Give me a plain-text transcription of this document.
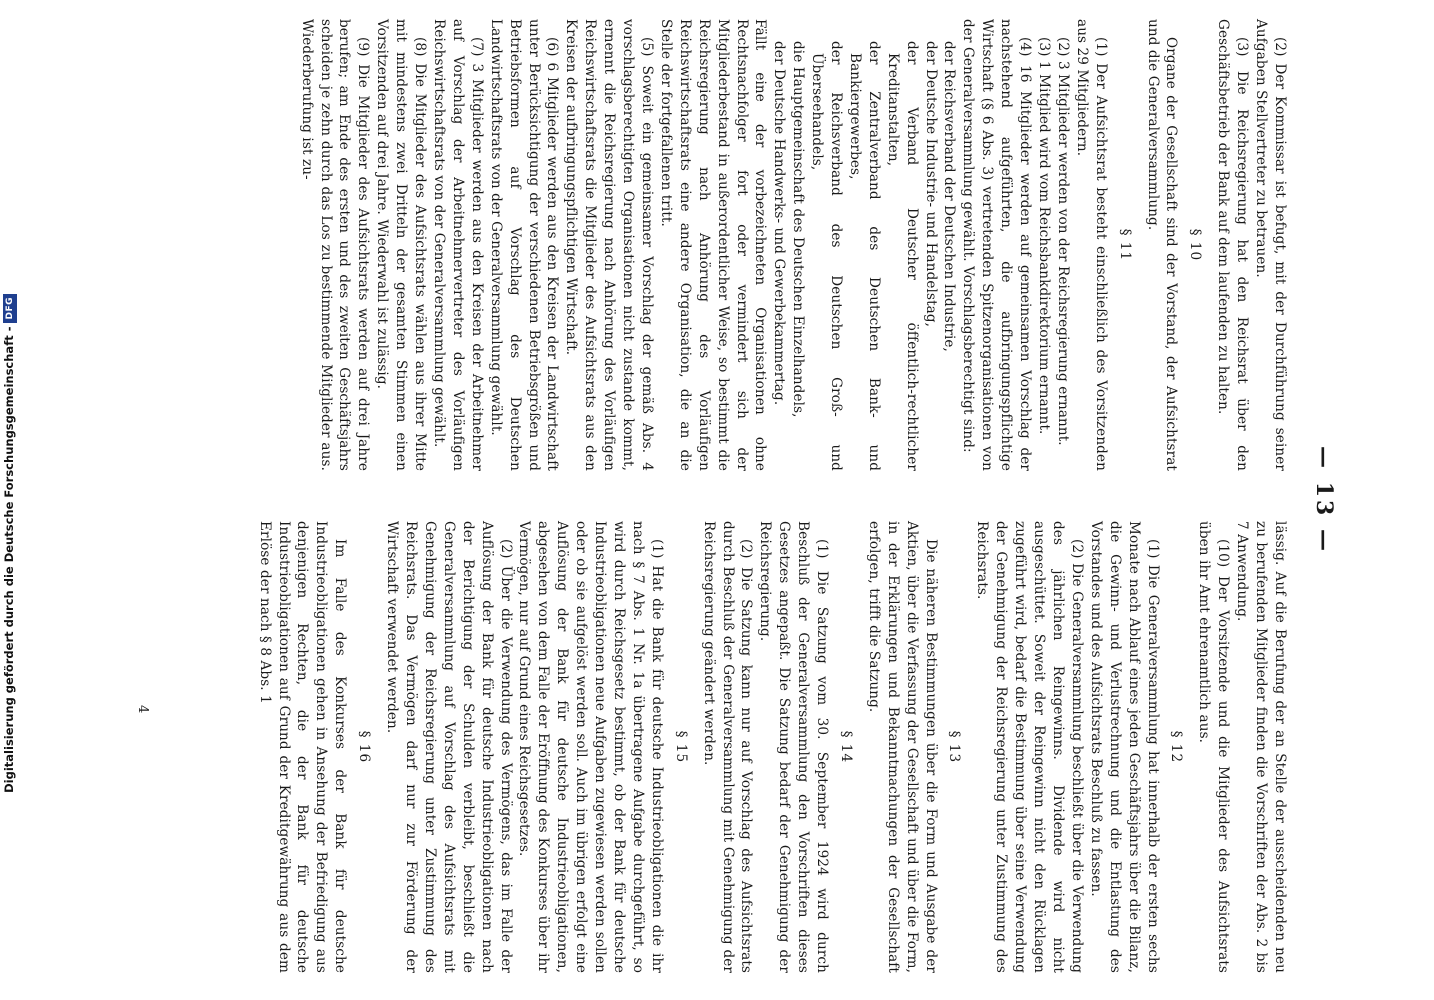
— 13 —

(2) Der Kommissar ist befugt, mit der Durchführung seiner Aufgaben Stellvertreter zu betrauen.

(3) Die Reichsregierung hat den Reichsrat über den Geschäftsbetrieb der Bank auf dem laufenden zu halten.

§ 10

Organe der Gesellschaft sind der Vorstand, der Aufsichtsrat und die Generalversammlung.

§ 11

(1) Der Aufsichtsrat besteht einschließlich des Vorsitzenden aus 29 Mitgliedern.

(2) 3 Mitglieder werden von der Reichsregierung ernannt.

(3) 1 Mitglied wird vom Reichsbankdirektorium ernannt.

(4) 16 Mitglieder werden auf gemeinsamen Vorschlag der nachstehend aufgeführten, die aufbringungspflichtige Wirtschaft (§ 6 Abs. 3) vertretenden Spitzenorganisationen von der Generalversammlung gewählt. Vorschlagsberechtigt sind:

der Reichsverband der Deutschen Industrie,
der Deutsche Industrie- und Handelstag,
der Verband Deutscher öffentlich-rechtlicher Kreditanstalten,
der Zentralverband des Deutschen Bank- und Bankiergewerbes,
der Reichsverband des Deutschen Groß- und Überseehandels,
die Hauptgemeinschaft des Deutschen Einzelhandels,
der Deutsche Handwerks- und Gewerbekammertag.

Fällt eine der vorbezeichneten Organisationen ohne Rechtsnachfolger fort oder vermindert sich der Mitgliederbestand in außerordentlicher Weise, so bestimmt die Reichsregierung nach Anhörung des Vorläufigen Reichswirtschaftsrats eine andere Organisation, die an die Stelle der fortgefallenen tritt.

(5) Soweit ein gemeinsamer Vorschlag der gemäß Abs. 4 vorschlagsberechtigten Organisationen nicht zustande kommt, ernennt die Reichsregierung nach Anhörung des Vorläufigen Reichswirtschaftsrats die Mitglieder des Aufsichtsrats aus den Kreisen der aufbringungspflichtigen Wirtschaft.

(6) 6 Mitglieder werden aus den Kreisen der Landwirtschaft unter Berücksichtigung der verschiedenen Betriebsgrößen und Betriebsformen auf Vorschlag des Deutschen Landwirtschaftsrats von der Generalversammlung gewählt.

(7) 3 Mitglieder werden aus den Kreisen der Arbeitnehmer auf Vorschlag der Arbeitnehmervertreter des Vorläufigen Reichswirtschaftsrats von der Generalversammlung gewählt.

(8) Die Mitglieder des Aufsichtsrats wählen aus ihrer Mitte mit mindestens zwei Dritteln der gesamten Stimmen einen Vorsitzenden auf drei Jahre. Wiederwahl ist zulässig.

(9) Die Mitglieder des Aufsichtsrats werden auf drei Jahre berufen; am Ende des ersten und des zweiten Geschäftsjahrs scheiden je zehn durch das Los zu bestimmende Mitglieder aus. Wiederberufung ist zu-

lässig. Auf die Berufung der an Stelle der ausscheidenden neu zu berufenden Mitglieder finden die Vorschriften der Abs. 2 bis 7 Anwendung.

(10) Der Vorsitzende und die Mitglieder des Aufsichtsrats üben ihr Amt ehrenamtlich aus.

§ 12

(1) Die Generalversammlung hat innerhalb der ersten sechs Monate nach Ablauf eines jeden Geschäftsjahrs über die Bilanz, die Gewinn- und Verlustrechnung und die Entlastung des Vorstandes und des Aufsichtsrats Beschluß zu fassen.

(2) Die Generalversammlung beschließt über die Verwendung des jährlichen Reingewinns. Dividende wird nicht ausgeschüttet. Soweit der Reingewinn nicht den Rücklagen zugeführt wird, bedarf die Bestimmung über seine Verwendung der Genehmigung der Reichsregierung unter Zustimmung des Reichsrats.

§ 13

Die näheren Bestimmungen über die Form und Ausgabe der Aktien, über die Verfassung der Gesellschaft und über die Form, in der Erklärungen und Bekanntmachungen der Gesellschaft erfolgen, trifft die Satzung.

§ 14

(1) Die Satzung vom 30. September 1924 wird durch Beschluß der Generalversammlung den Vorschriften dieses Gesetzes angepaßt. Die Satzung bedarf der Genehmigung der Reichsregierung.

(2) Die Satzung kann nur auf Vorschlag des Aufsichtsrats durch Beschluß der Generalversammlung mit Genehmigung der Reichsregierung geändert werden.

§ 15

(1) Hat die Bank für deutsche Industrieobligationen die ihr nach § 7 Abs. 1 Nr. 1a übertragene Aufgabe durchgeführt, so wird durch Reichsgesetz bestimmt, ob der Bank für deutsche Industrieobligationen neue Aufgaben zugewiesen werden sollen oder ob sie aufgelöst werden soll. Auch im übrigen erfolgt eine Auflösung der Bank für deutsche Industrieobligationen, abgesehen von dem Falle der Eröffnung des Konkurses über ihr Vermögen, nur auf Grund eines Reichsgesetzes.

(2) Über die Verwendung des Vermögens, das im Falle der Auflösung der Bank für deutsche Industrieobligationen nach der Berichtigung der Schulden verbleibt, beschließt die Generalversammlung auf Vorschlag des Aufsichtsrats mit Genehmigung der Reichsregierung unter Zustimmung des Reichsrats. Das Vermögen darf nur zur Förderung der Wirtschaft verwendet werden.

§ 16

Im Falle des Konkurses der Bank für deutsche Industrieobligationen gehen in Ansehung der Befriedigung aus denjenigen Rechten, die der Bank für deutsche Industrieobligationen auf Grund der Kreditgewährung aus dem Erlöse der nach § 8 Abs. 1

4
Digitalisierung gefördert durch die Deutsche Forschungsgemeinschaft -DFG
